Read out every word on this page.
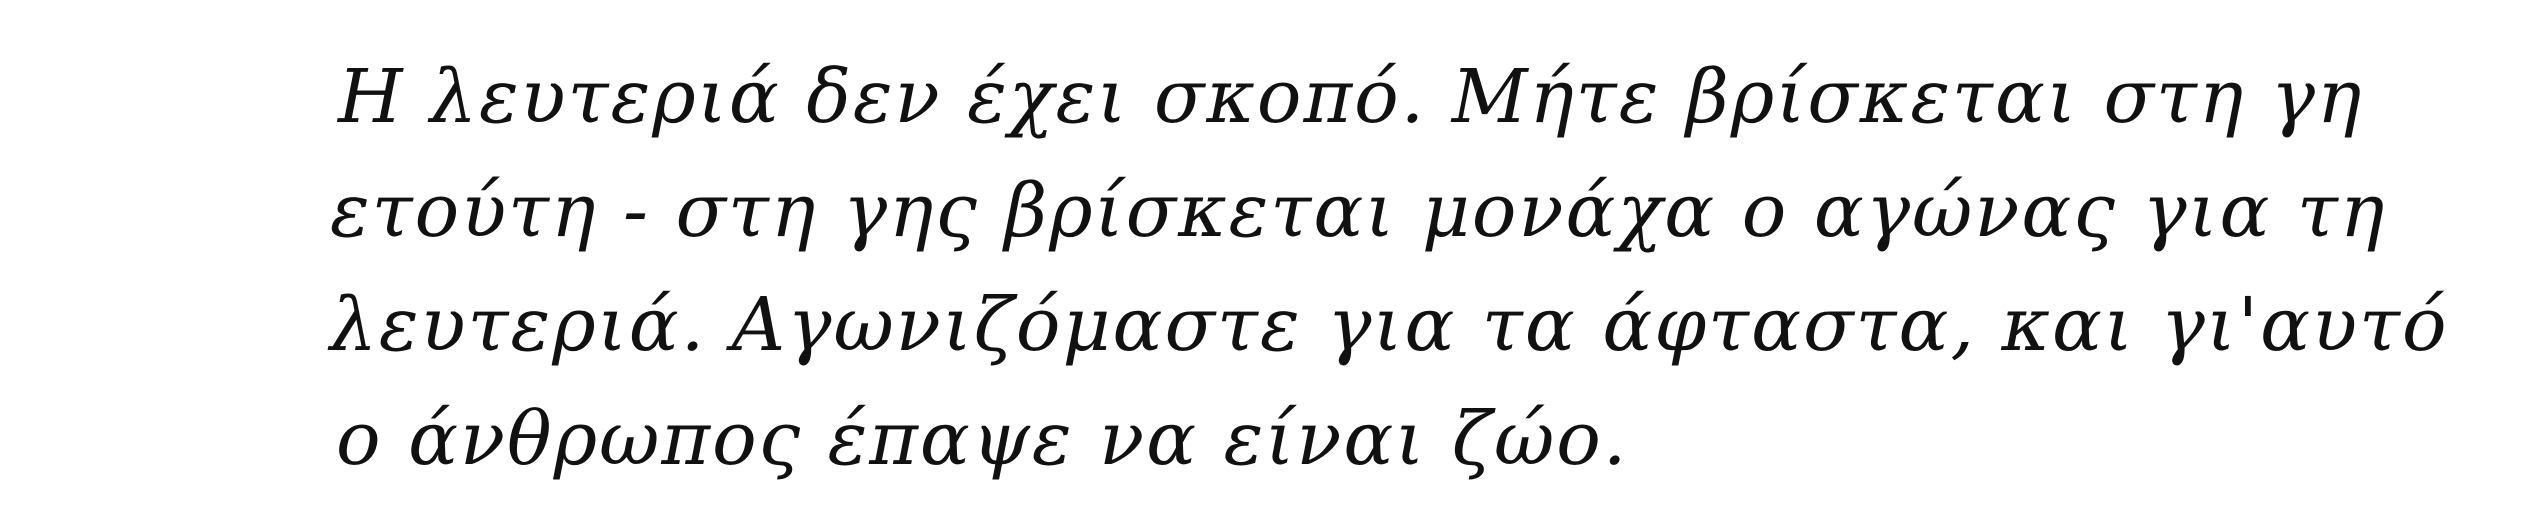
Η λευτεριά δεν έχει σκοπό. Μήτε βρίσκεται στη γη
ετούτη - στη γης βρίσκεται μονάχα ο αγώνας για τη
λευτεριά. Αγωνιζόμαστε για τα άφταστα, και γι'αυτό
ο άνθρωπος έπαψε να είναι ζώο.
